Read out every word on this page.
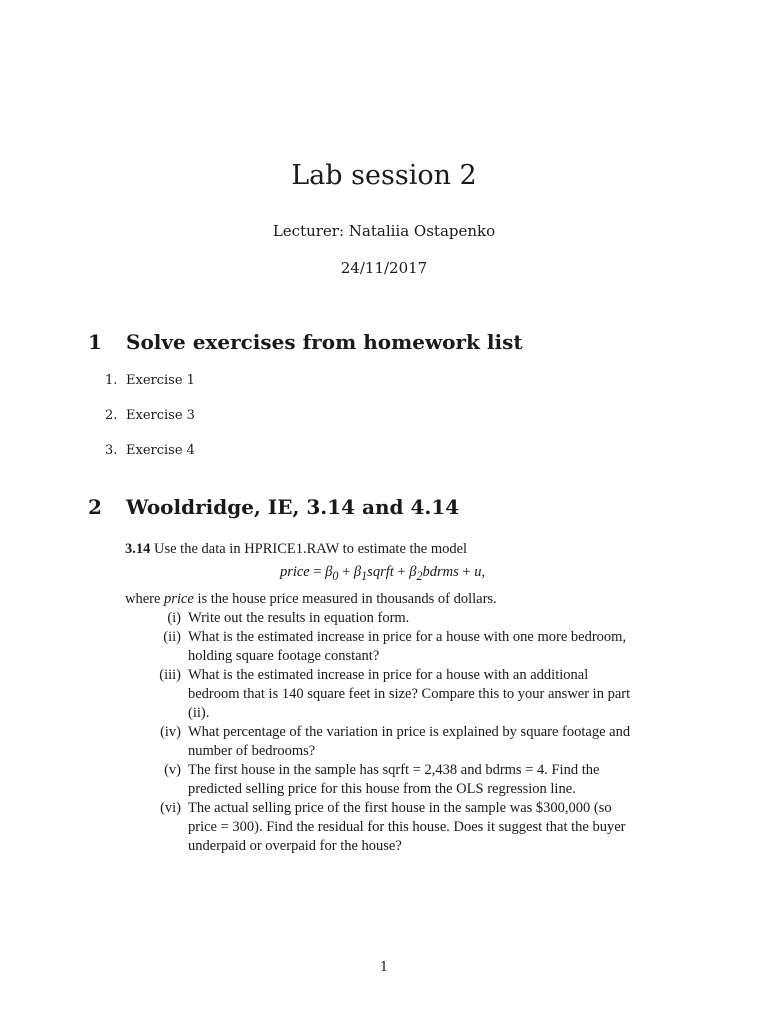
Lab session 2
Lecturer: Nataliia Ostapenko
24/11/2017
1 Solve exercises from homework list
1. Exercise 1
2. Exercise 3
3. Exercise 4
2 Wooldridge, IE, 3.14 and 4.14

3.14 Use the data in HPRICE1.RAW to estimate the model

price = $\beta_0$ + $\beta_1sqrft$ + $\beta_2bdrms + u$,

where price is the house price measured in thousands of dollars.

(i) Write out the results in equation form.
(ii) What is the estimated increase in price for a house with one more bedroom, holding square footage constant?
(iii) What is the estimated increase in price for a house with an additional bedroom that is 140 square feet in size? Compare this to your answer in part (ii).
(iv) What percentage of the variation in price is explained by square footage and number of bedrooms?
(v) The first house in the sample has sqrft = 2,438 and bdrms = 4. Find the predicted selling price for this house from the OLS regression line.
(vi) The actual selling price of the first house in the sample was $300,000 (so price = 300). Find the residual for this house. Does it suggest that the buyer underpaid or overpaid for the house?
1
